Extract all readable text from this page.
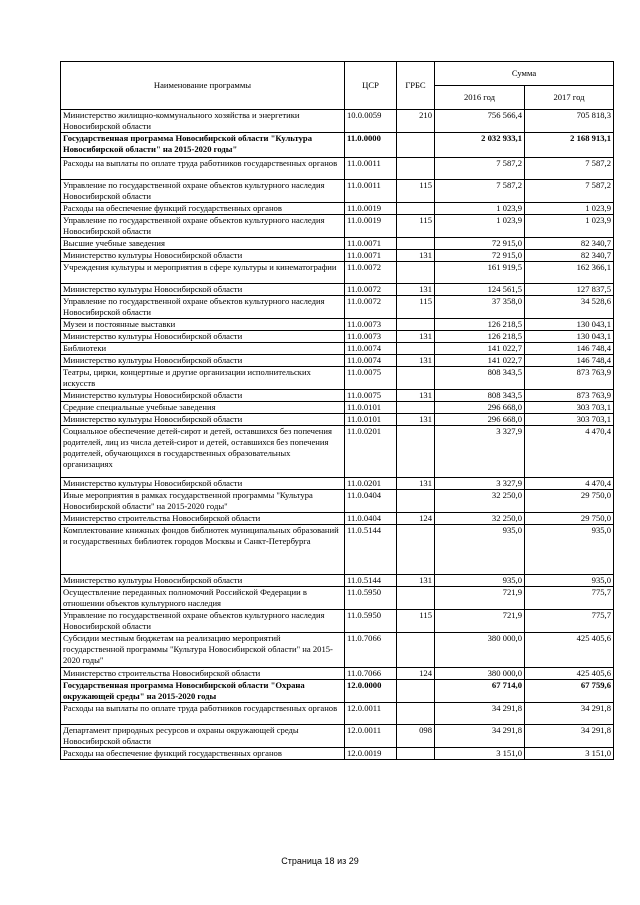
Наименование программы	ЦСР	ГРБС	Сумма	
			2016 год	2017 год
Министерство жилищно-коммунального хозяйства и энергетики Новосибирской области	10.0.0059	210	756 566,4	705 818,3
Государственная программа Новосибирской области "Культура Новосибирской области" на 2015-2020 годы"	11.0.0000		2 032 933,1	2 168 913,1
Расходы на выплаты по оплате труда работников государственных органов	11.0.0011		7 587,2	7 587,2
Управление по государственной охране объектов культурного наследия Новосибирской области	11.0.0011	115	7 587,2	7 587,2
Расходы на обеспечение функций государственных органов	11.0.0019		1 023,9	1 023,9
Управление по государственной охране объектов культурного наследия Новосибирской области	11.0.0019	115	1 023,9	1 023,9
Высшие учебные заведения	11.0.0071		72 915,0	82 340,7
Министерство культуры Новосибирской области	11.0.0071	131	72 915,0	82 340,7
Учреждения культуры и мероприятия в сфере культуры и кинематографии	11.0.0072		161 919,5	162 366,1
Министерство культуры Новосибирской области	11.0.0072	131	124 561,5	127 837,5
Управление по государственной охране объектов культурного наследия Новосибирской области	11.0.0072	115	37 358,0	34 528,6
Музеи и постоянные выставки	11.0.0073		126 218,5	130 043,1
Министерство культуры Новосибирской области	11.0.0073	131	126 218,5	130 043,1
Библиотеки	11.0.0074		141 022,7	146 748,4
Министерство культуры Новосибирской области	11.0.0074	131	141 022,7	146 748,4
Театры, цирки, концертные и другие организации исполнительских искусств	11.0.0075		808 343,5	873 763,9
Министерство культуры Новосибирской области	11.0.0075	131	808 343,5	873 763,9
Средние специальные учебные заведения	11.0.0101		296 668,0	303 703,1
Министерство культуры Новосибирской области	11.0.0101	131	296 668,0	303 703,1
Социальное обеспечение детей-сирот и детей, оставшихся без попечения родителей, лиц из числа детей-сирот и детей, оставшихся без попечения родителей, обучающихся в государственных образовательных организациях	11.0.0201		3 327,9	4 470,4
Министерство культуры Новосибирской области	11.0.0201	131	3 327,9	4 470,4
Иные мероприятия в рамках государственной программы "Культура Новосибирской области" на 2015-2020 годы"	11.0.0404		32 250,0	29 750,0
Министерство строительства Новосибирской области	11.0.0404	124	32 250,0	29 750,0
Комплектование книжных фондов библиотек муниципальных образований и государственных библиотек городов Москвы и Санкт-Петербурга	11.0.5144		935,0	935,0
Министерство культуры Новосибирской области	11.0.5144	131	935,0	935,0
Осуществление переданных полномочий Российской Федерации в отношении объектов культурного наследия	11.0.5950		721,9	775,7
Управление по государственной охране объектов культурного наследия Новосибирской области	11.0.5950	115	721,9	775,7
Субсидии местным бюджетам на реализацию мероприятий государственной программы "Культура Новосибирской области" на 2015-2020 годы"	11.0.7066		380 000,0	425 405,6
Министерство строительства Новосибирской области	11.0.7066	124	380 000,0	425 405,6
Государственная программа Новосибирской области "Охрана окружающей среды" на 2015-2020 годы	12.0.0000		67 714,0	67 759,6
Расходы на выплаты по оплате труда работников государственных органов	12.0.0011		34 291,8	34 291,8
Департамент природных ресурсов и охраны окружающей среды Новосибирской области	12.0.0011	098	34 291,8	34 291,8
Расходы на обеспечение функций государственных органов	12.0.0019		3 151,0	3 151,0
Страница 18 из 29
